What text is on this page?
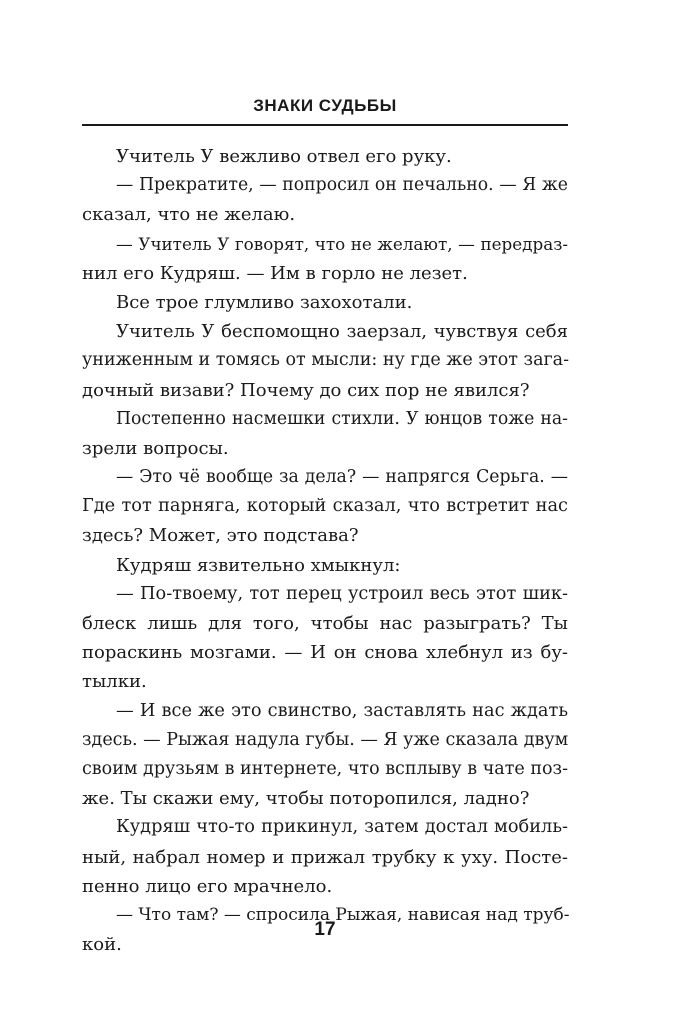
ЗНАКИ СУДЬБЫ
Учитель У вежливо отвел его руку.
— Прекратите, — попросил он печально. — Я же
сказал, что не желаю.
— Учитель У говорят, что не желают, — передраз-
нил его Кудряш. — Им в горло не лезет.
Все трое глумливо захохотали.
Учитель У беспомощно заерзал, чувствуя себя
униженным и томясь от мысли: ну где же этот зага-
дочный визави? Почему до сих пор не явился?
Постепенно насмешки стихли. У юнцов тоже на-
зрели вопросы.
— Это чё вообще за дела? — напрягся Серьга. —
Где тот парняга, который сказал, что встретит нас
здесь? Может, это подстава?
Кудряш язвительно хмыкнул:
— По-твоему, тот перец устроил весь этот шик-
блеск лишь для того, чтобы нас разыграть? Ты
пораскинь мозгами. — И он снова хлебнул из бу-
тылки.
— И все же это свинство, заставлять нас ждать
здесь. — Рыжая надула губы. — Я уже сказала двум
своим друзьям в интернете, что всплыву в чате поз-
же. Ты скажи ему, чтобы поторопился, ладно?
Кудряш что-то прикинул, затем достал мобиль-
ный, набрал номер и прижал трубку к уху. Посте-
пенно лицо его мрачнело.
— Что там? — спросила Рыжая, нависая над труб-
кой.
17
